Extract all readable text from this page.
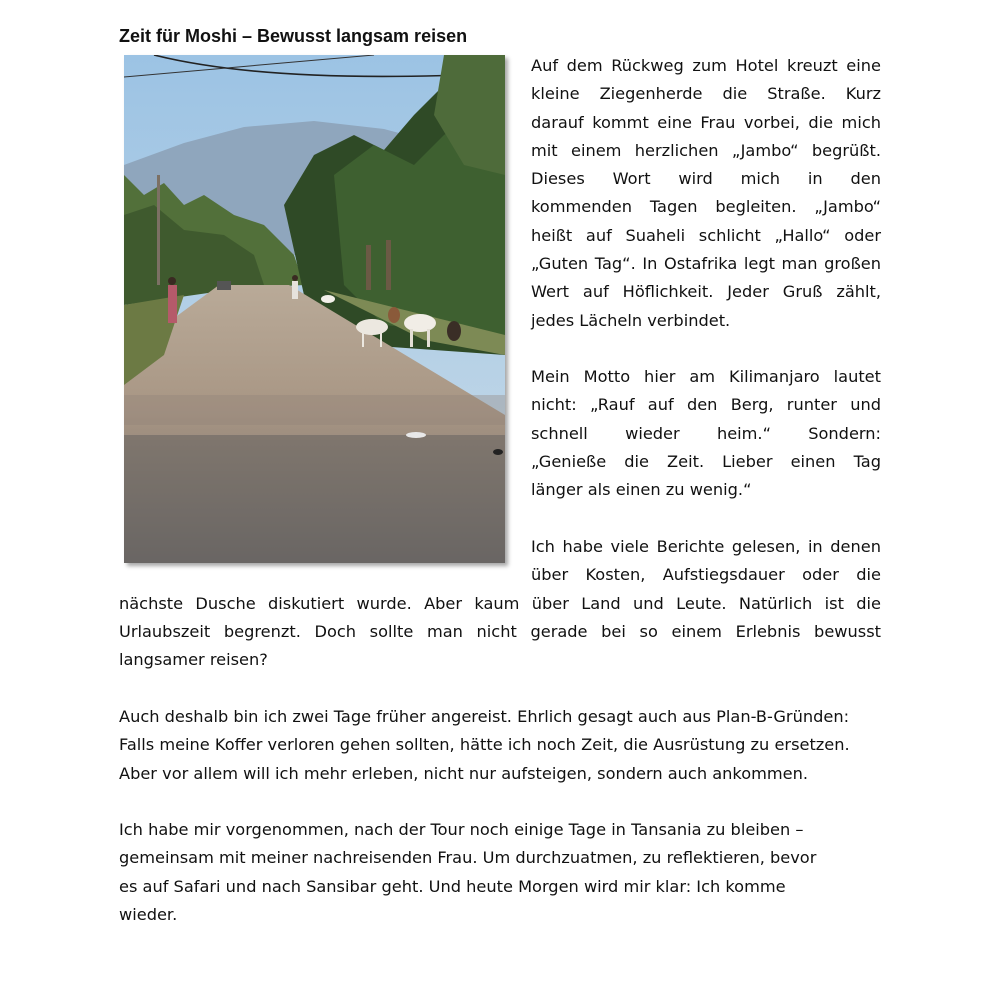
Zeit für Moshi – Bewusst langsam reisen
Auf dem Rückweg zum Hotel kreuzt eine
kleine Ziegenherde die Straße. Kurz
darauf kommt eine Frau vorbei, die mich
mit einem herzlichen „Jambo“ begrüßt.
Dieses Wort wird mich in den
kommenden Tagen begleiten. „Jambo“
heißt auf Suaheli schlicht „Hallo“ oder
„Guten Tag“. In Ostafrika legt man großen
Wert auf Höflichkeit. Jeder Gruß zählt,
jedes Lächeln verbindet.
Mein Motto hier am Kilimanjaro lautet
nicht: „Rauf auf den Berg, runter und
schnell wieder heim.“ Sondern:
„Genieße die Zeit. Lieber einen Tag
länger als einen zu wenig.“
Ich habe viele Berichte gelesen, in denen
über Kosten, Aufstiegsdauer oder die
nächste Dusche diskutiert wurde. Aber kaum über Land und Leute. Natürlich ist die
Urlaubszeit begrenzt. Doch sollte man nicht gerade bei so einem Erlebnis bewusst
langsamer reisen?
Auch deshalb bin ich zwei Tage früher angereist. Ehrlich gesagt auch aus Plan-B-Gründen:
Falls meine Koffer verloren gehen sollten, hätte ich noch Zeit, die Ausrüstung zu ersetzen.
Aber vor allem will ich mehr erleben, nicht nur aufsteigen, sondern auch ankommen.
Ich habe mir vorgenommen, nach der Tour noch einige Tage in Tansania zu bleiben –
gemeinsam mit meiner nachreisenden Frau. Um durchzuatmen, zu reflektieren, bevor
es auf Safari und nach Sansibar geht. Und heute Morgen wird mir klar: Ich komme
wieder.
